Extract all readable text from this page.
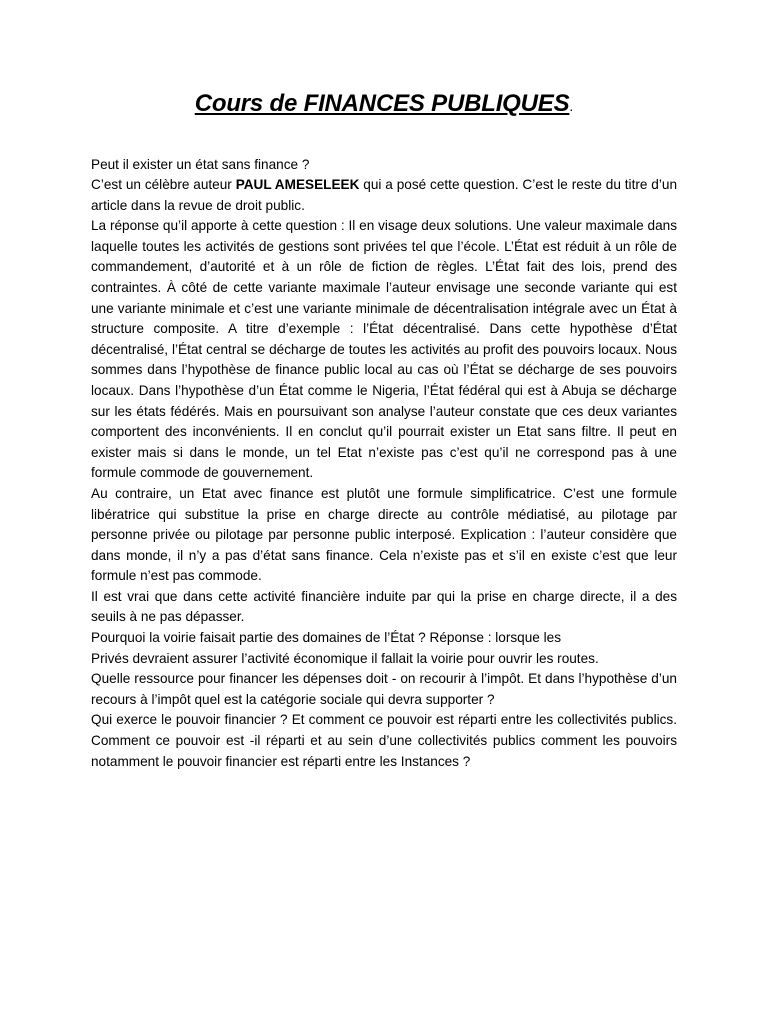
Cours de FINANCES PUBLIQUES.

Peut il exister un état sans finance ?

C’est un célèbre auteur PAUL AMESELEEK qui a posé cette question. C’est le reste du titre d’un article dans la revue de droit public.

La réponse qu’il apporte à cette question : Il en visage deux solutions. Une valeur maximale dans laquelle toutes les activités de gestions sont privées tel que l’école. L’État est réduit à un rôle de commandement, d’autorité et à un rôle de fiction de règles. L’État fait des lois, prend des contraintes. À côté de cette variante maximale l’auteur envisage une seconde variante qui est une variante minimale et c’est une variante minimale de décentralisation intégrale avec un État à structure composite. A titre d’exemple : l’État décentralisé. Dans cette hypothèse d’État décentralisé, l’État central se décharge de toutes les activités au profit des pouvoirs locaux. Nous sommes dans l’hypothèse de finance public local au cas où l’État se décharge de ses pouvoirs locaux. Dans l’hypothèse d’un État comme le Nigeria, l’État fédéral qui est à Abuja se décharge sur les états fédérés. Mais en poursuivant son analyse l’auteur constate que ces deux variantes comportent des inconvénients. Il en conclut qu’il pourrait exister un Etat sans filtre. Il peut en exister mais si dans le monde, un tel Etat n’existe pas c’est qu’il ne correspond pas à une formule commode de gouvernement.

Au contraire, un Etat avec finance est plutôt une formule simplificatrice. C’est une formule libératrice qui substitue la prise en charge directe au contrôle médiatisé, au pilotage par personne privée ou pilotage par personne public interposé. Explication : l’auteur considère que dans monde, il n’y a pas d’état sans finance. Cela n’existe pas et s’il en existe c’est que leur formule n’est pas commode.

Il est vrai que dans cette activité financière induite par qui la prise en charge directe, il a des seuils à ne pas dépasser.

Pourquoi la voirie faisait partie des domaines de l’État ? Réponse : lorsque les

Privés devraient assurer l’activité économique il fallait la voirie pour ouvrir les routes.

Quelle ressource pour financer les dépenses doit - on recourir à l’impôt. Et dans l’hypothèse d’un recours à l’impôt quel est la catégorie sociale qui devra supporter ?

Qui exerce le pouvoir financier ? Et comment ce pouvoir est réparti entre les collectivités publics. Comment ce pouvoir est -il réparti et au sein d’une collectivités publics comment les pouvoirs notamment le pouvoir financier est réparti entre les Instances ?
